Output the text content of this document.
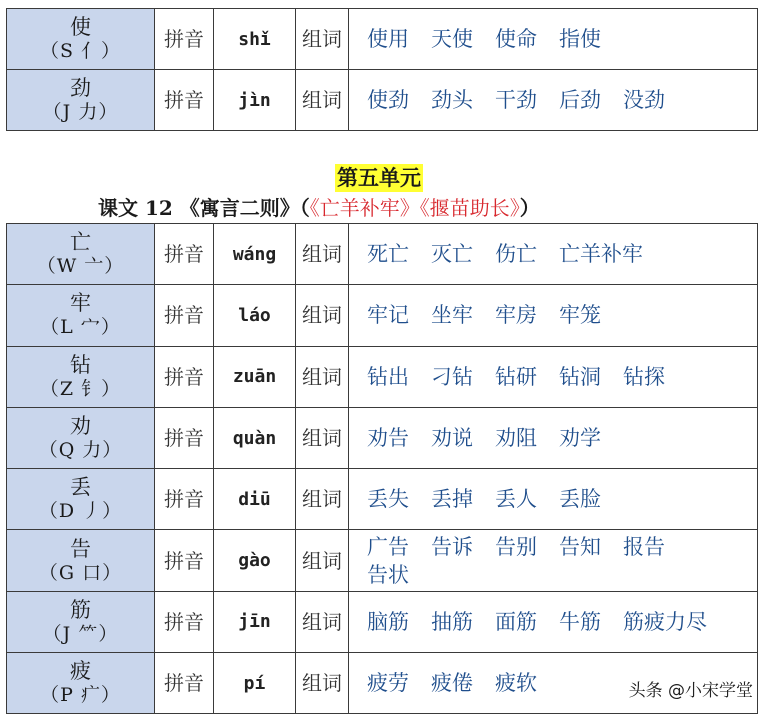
使
（S 亻）	拼音	shǐ	组词	使用 天使 使命 指使

劲
（J 力）	拼音	jìn	组词	使劲 劲头 干劲 后劲 没劲
第五单元
课文 12 《寓言二则》（《亡羊补牢》《揠苗助长》）
亡
（W 亠）	拼音	wáng	组词	死亡 灭亡 伤亡 亡羊补牢

牢
（L 宀）	拼音	láo	组词	牢记 坐牢 牢房 牢笼

钻
（Z 钅）	拼音	zuān	组词	钻出 刁钻 钻研 钻洞 钻探

劝
（Q 力）	拼音	quàn	组词	劝告 劝说 劝阻 劝学

丢
（D 丿）	拼音	diū	组词	丢失 丢掉 丢人 丢脸

告
（G 口）	拼音	gào	组词	广告 告诉 告别 告知 报告告状

筋
（J ⺮）	拼音	jīn	组词	脑筋 抽筋 面筋 牛筋 筋疲力尽

疲
（P 疒）	拼音	pí	组词	疲劳 疲倦 疲软	头条 @小宋学堂
